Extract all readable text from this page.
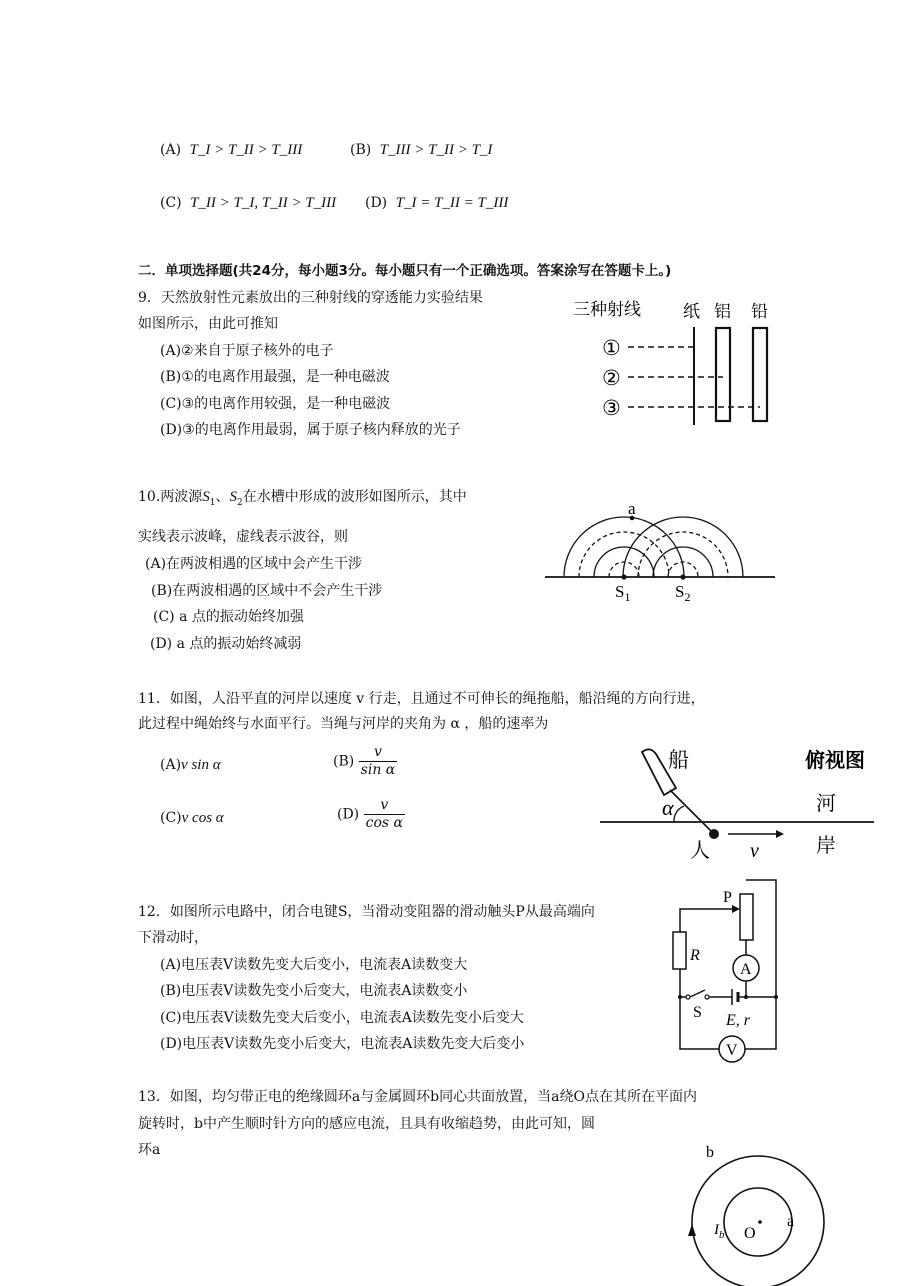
(A) T_I > T_II > T_III	(B) T_III > T_II > T_I
(C) T_II > T_I, T_II > T_III (D) T_I = T_II = T_III
二．单项选择题(共24分，每小题3分。每小题只有一个正确选项。答案涂写在答题卡上。)
9．天然放射性元素放出的三种射线的穿透能力实验结果
如图所示，由此可推知
(A)②来自于原子核外的电子
(B)①的电离作用最强，是一种电磁波
(C)③的电离作用较强，是一种电磁波
(D)③的电离作用最弱，属于原子核内释放的光子
三种射线 纸 铝 铅
①
②
③
10.两波源$S_1$、$S_2$在水槽中形成的波形如图所示，其中
实线表示波峰，虚线表示波谷，则
(A)在两波相遇的区域中会产生干涉
(B)在两波相遇的区域中不会产生干涉
(C) a 点的振动始终加强
(D) a 点的振动始终减弱
a
$S_1$	$S_2$
11．如图，人沿平直的河岸以速度 v 行走，且通过不可伸长的绳拖船，船沿绳的方向行进，
此过程中绳始终与水面平行。当绳与河岸的夹角为 α ，船的速率为
(A)v sin α	$(B) \frac{v}{\text{sin α}}$
(C)v cos α	$(D) \frac{v}{\text{cos α}}$	α
v
船	俯视图
河
岸
人
12．如图所示电路中，闭合电键S，当滑动变阻器的滑动触头P从最高端向
下滑动时，
(A)电压表V读数先变大后变小，电流表A读数变大
(B)电压表V读数先变小后变大，电流表A读数变小
(C)电压表V读数先变大后变小，电流表A读数先变小后变大
(D)电压表V读数先变小后变大，电流表A读数先变大后变小
P
R
A
S E, r
V
13．如图，均匀带正电的绝缘圆环a与金属圆环b同心共面放置，当a绕O点在其所在平面内
旋转时，b中产生顺时针方向的感应电流，且具有收缩趋势，由此可知，圆
环a	b
a
O
$I_b$
